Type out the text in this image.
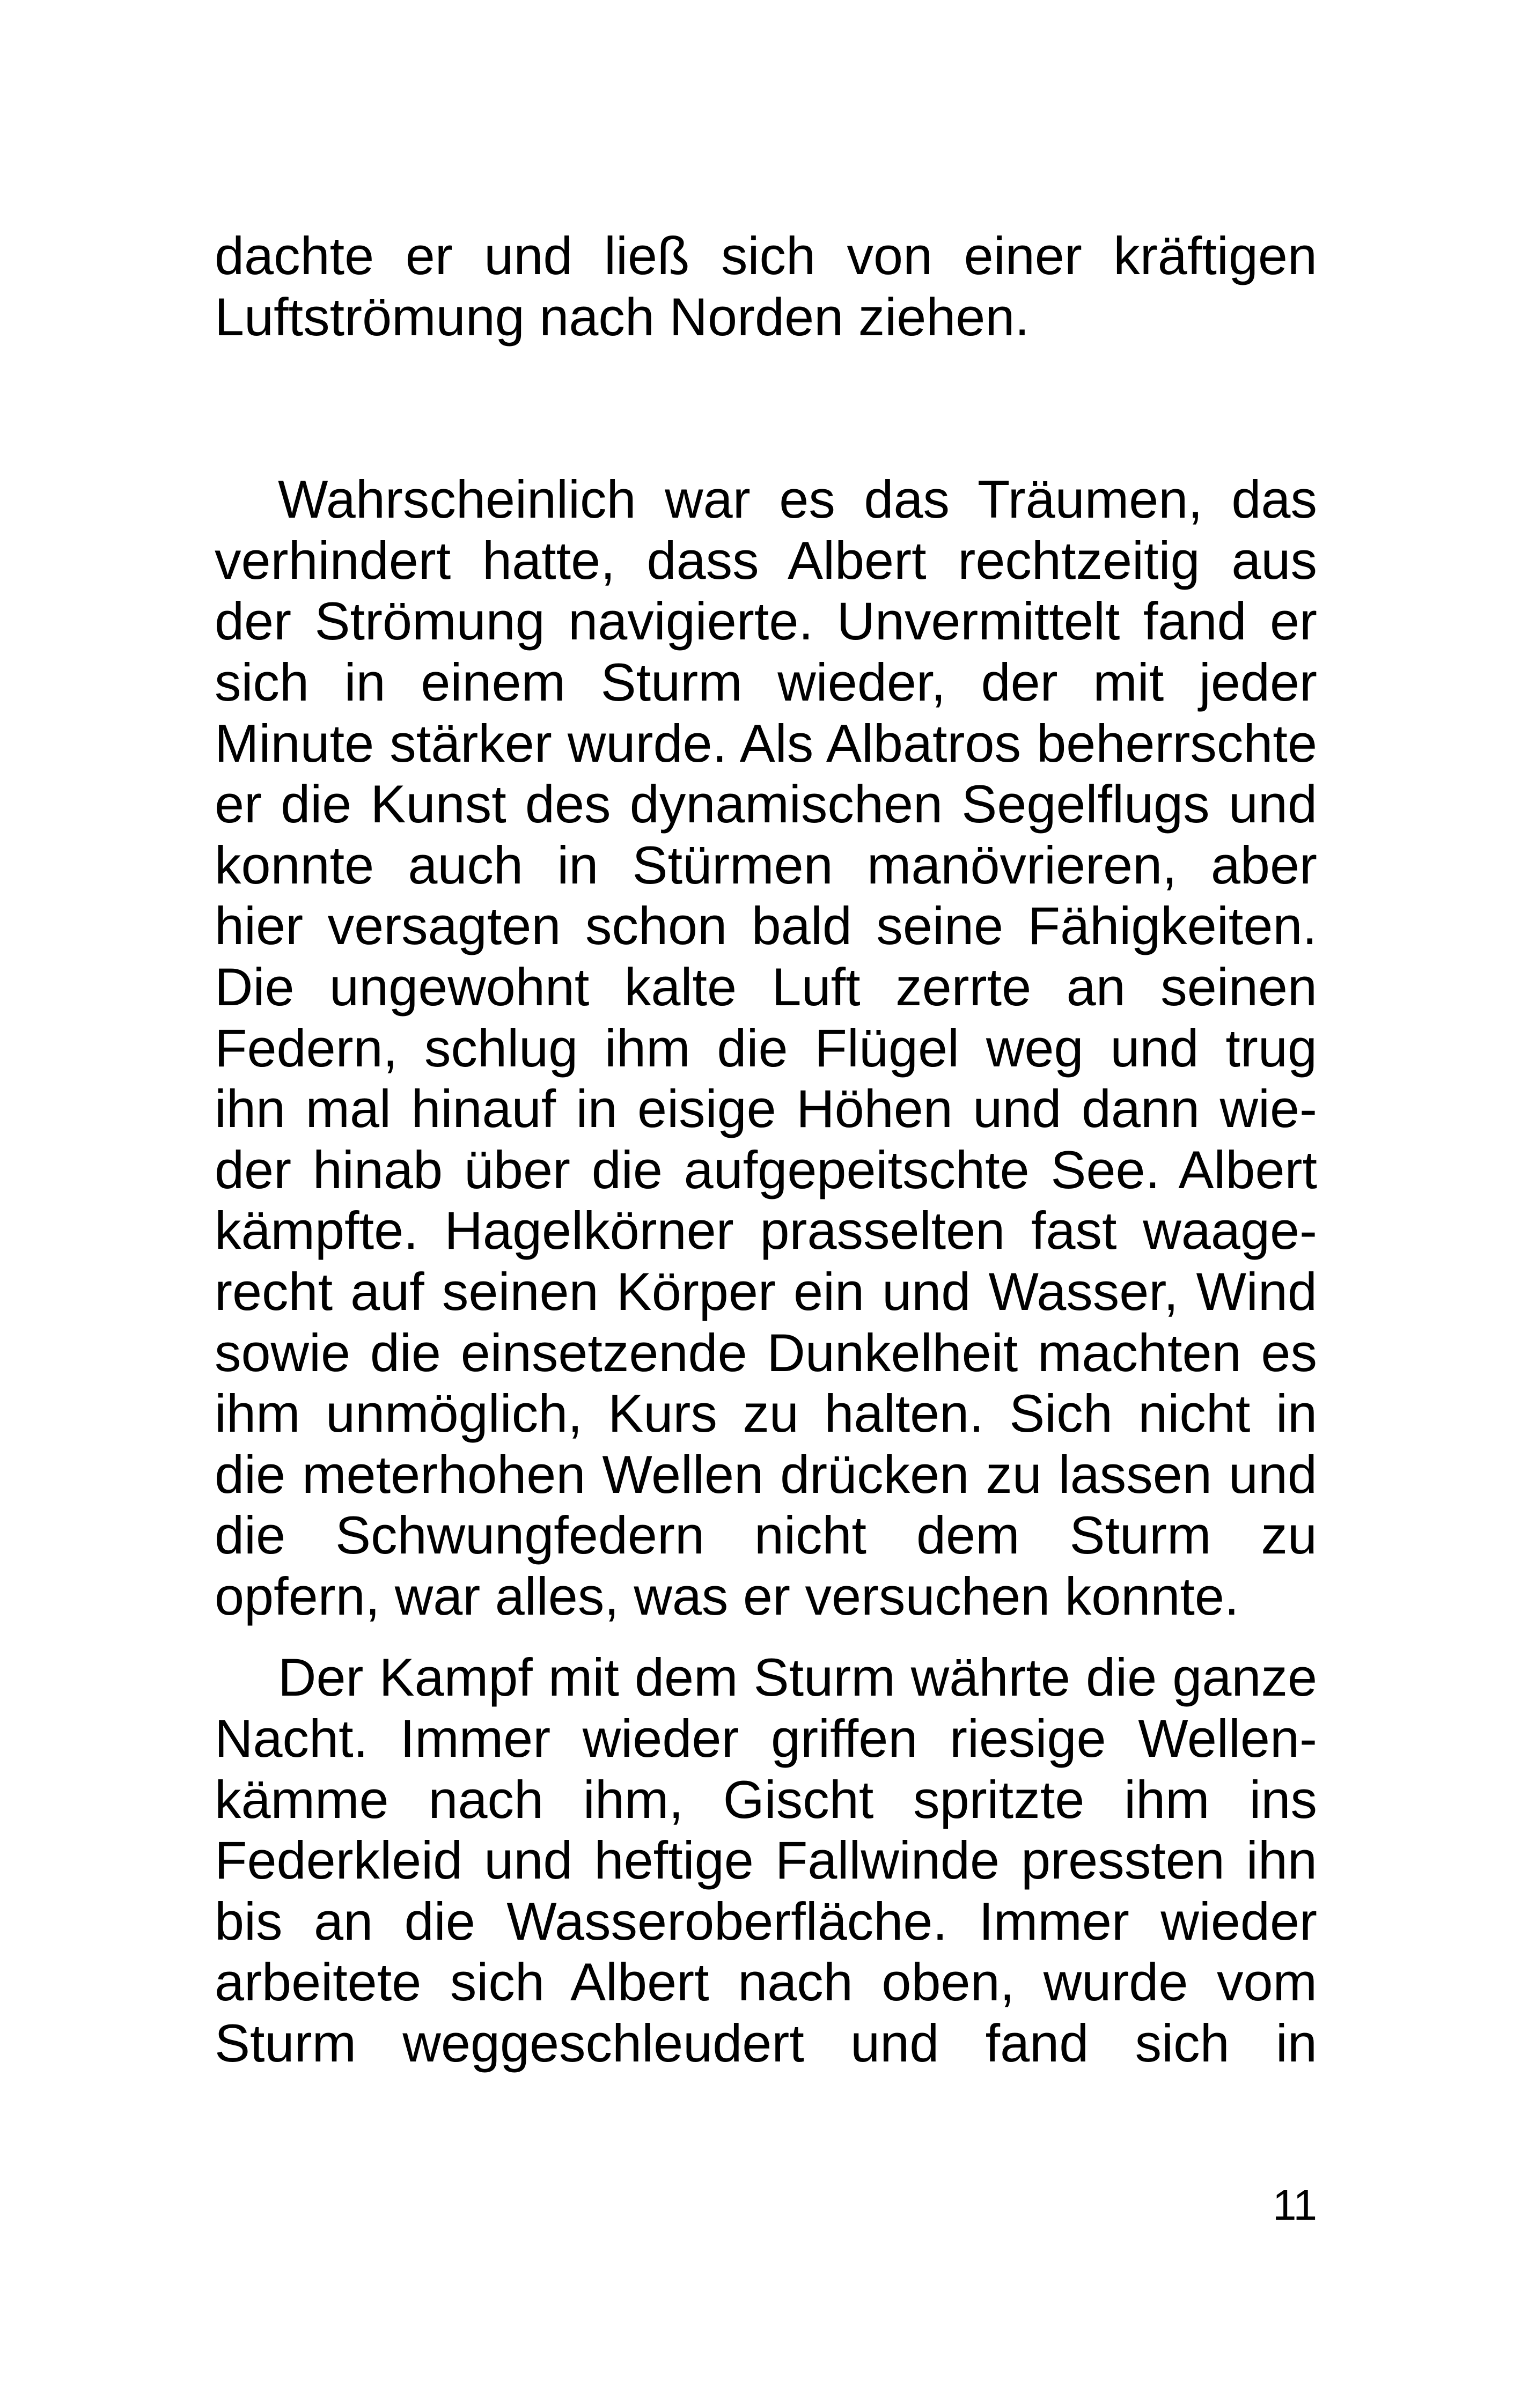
dachte er und ließ sich von einer kräftigen
Luftströmung nach Norden ziehen.

Wahrscheinlich war es das Träumen, das
verhindert hatte, dass Albert rechtzeitig aus
der Strömung navigierte. Unvermittelt fand er
sich in einem Sturm wieder, der mit jeder
Minute stärker wurde. Als Albatros beherrschte
er die Kunst des dynamischen Segelflugs und
konnte auch in Stürmen manövrieren, aber
hier versagten schon bald seine Fähigkeiten.
Die ungewohnt kalte Luft zerrte an seinen
Federn, schlug ihm die Flügel weg und trug
ihn mal hinauf in eisige Höhen und dann wie-
der hinab über die aufgepeitschte See. Albert
kämpfte. Hagelkörner prasselten fast waage-
recht auf seinen Körper ein und Wasser, Wind
sowie die einsetzende Dunkelheit machten es
ihm unmöglich, Kurs zu halten. Sich nicht in
die meterhohen Wellen drücken zu lassen und
die Schwungfedern nicht dem Sturm zu
opfern, war alles, was er versuchen konnte.

Der Kampf mit dem Sturm währte die ganze
Nacht. Immer wieder griffen riesige Wellen-
kämme nach ihm, Gischt spritzte ihm ins
Federkleid und heftige Fallwinde pressten ihn
bis an die Wasseroberfläche. Immer wieder
arbeitete sich Albert nach oben, wurde vom
Sturm weggeschleudert und fand sich in

11
